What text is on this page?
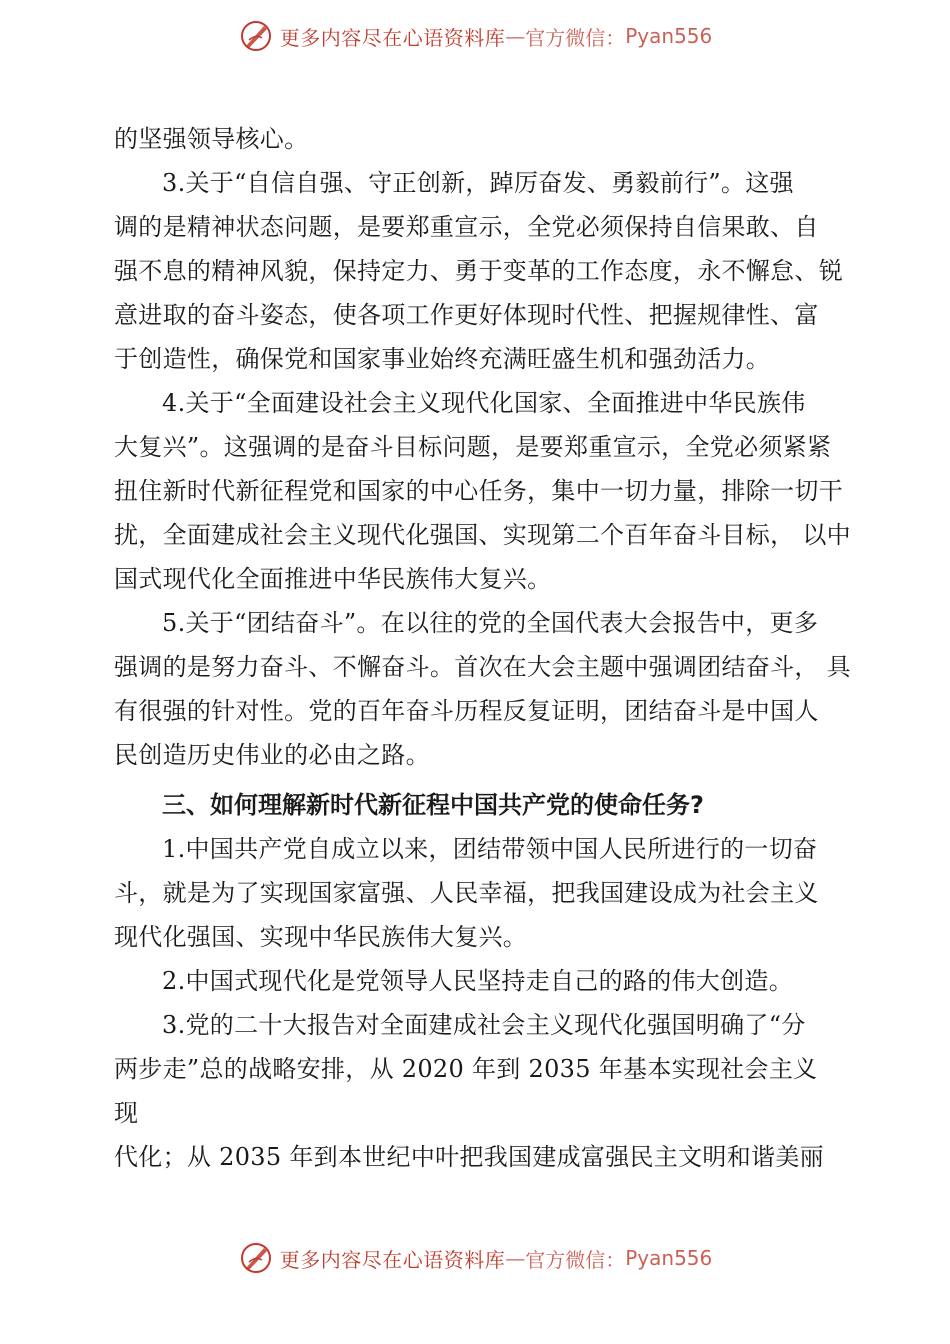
更多内容尽在心语资料库 — 官方微信： Pyan556
的坚强领导核心。
3.关于“自信自强、守正创新，踔厉奋发、勇毅前行”。这强
调的是精神状态问题，是要郑重宣示，全党必须保持自信果敢、自
强不息的精神风貌，保持定力、勇于变革的工作态度，永不懈怠、锐
意进取的奋斗姿态，使各项工作更好体现时代性、把握规律性、富
于创造性，确保党和国家事业始终充满旺盛生机和强劲活力。
4.关于“全面建设社会主义现代化国家、全面推进中华民族伟
大复兴”。这强调的是奋斗目标问题，是要郑重宣示，全党必须紧紧
扭住新时代新征程党和国家的中心任务，集中一切力量，排除一切干
扰，全面建成社会主义现代化强国、实现第二个百年奋斗目标， 以中
国式现代化全面推进中华民族伟大复兴。
5.关于“团结奋斗”。在以往的党的全国代表大会报告中，更多
强调的是努力奋斗、不懈奋斗。首次在大会主题中强调团结奋斗， 具
有很强的针对性。党的百年奋斗历程反复证明，团结奋斗是中国人
民创造历史伟业的必由之路。
三、如何理解新时代新征程中国共产党的使命任务?
1.中国共产党自成立以来，团结带领中国人民所进行的一切奋
斗，就是为了实现国家富强、人民幸福，把我国建设成为社会主义
现代化强国、实现中华民族伟大复兴。
2.中国式现代化是党领导人民坚持走自己的路的伟大创造。
3.党的二十大报告对全面建成社会主义现代化强国明确了“分
两步走”总的战略安排，从 2020 年到 2035 年基本实现社会主义
现
代化；从 2035 年到本世纪中叶把我国建成富强民主文明和谐美丽
更多内容尽在心语资料库 — 官方微信： Pyan556
